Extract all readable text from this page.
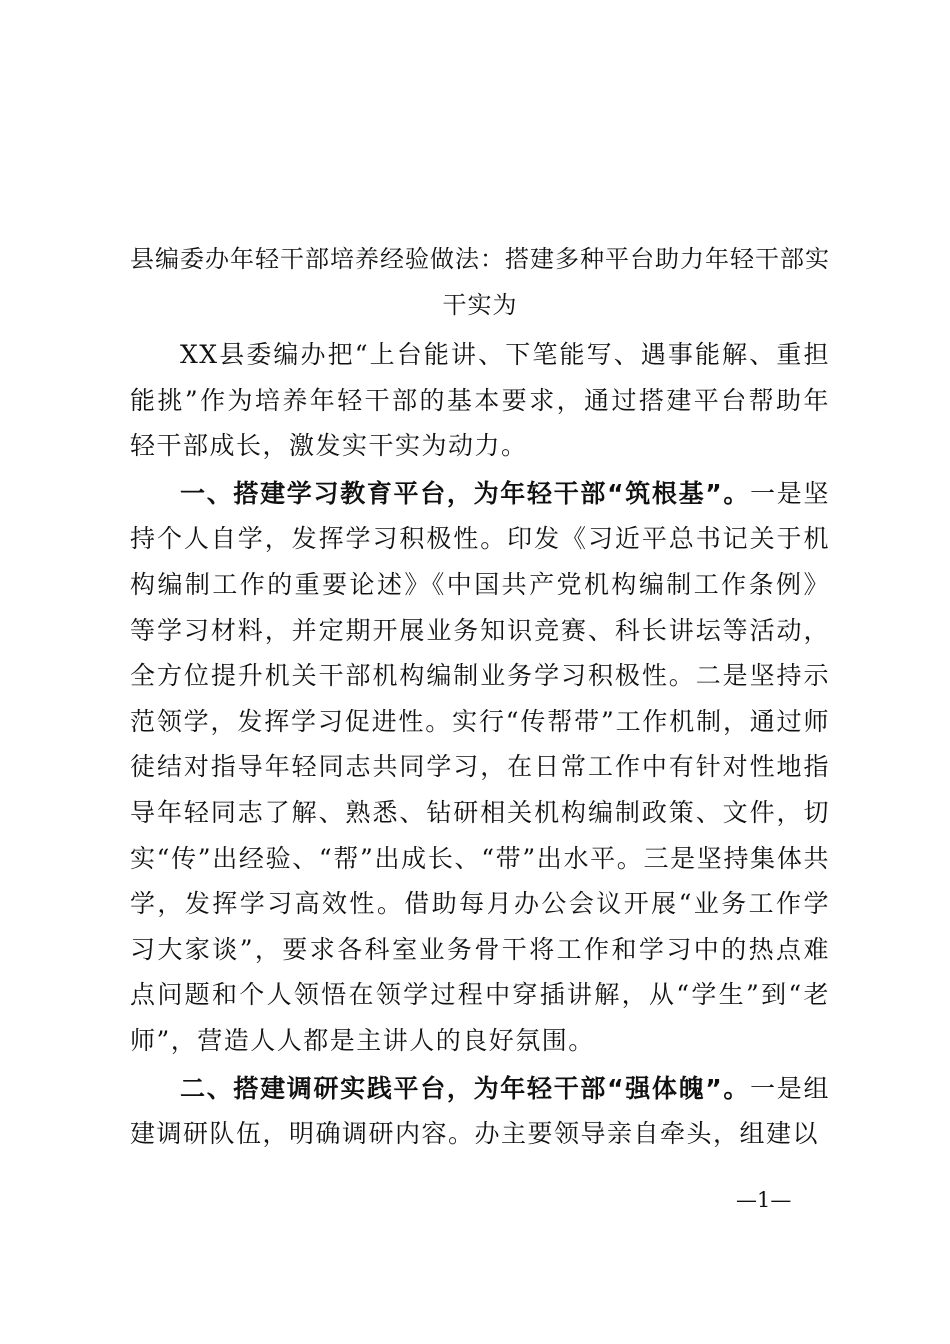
县编委办年轻干部培养经验做法：搭建多种平台助力年轻干部实干实为

XX县委编办把“上台能讲、下笔能写、遇事能解、重担能挑”作为培养年轻干部的基本要求，通过搭建平台帮助年轻干部成长，激发实干实为动力。

一、搭建学习教育平台，为年轻干部“筑根基”。一是坚持个人自学，发挥学习积极性。印发《习近平总书记关于机构编制工作的重要论述》《中国共产党机构编制工作条例》等学习材料，并定期开展业务知识竞赛、科长讲坛等活动，全方位提升机关干部机构编制业务学习积极性。二是坚持示范领学，发挥学习促进性。实行“传帮带”工作机制，通过师徒结对指导年轻同志共同学习，在日常工作中有针对性地指导年轻同志了解、熟悉、钻研相关机构编制政策、文件，切实“传”出经验、“帮”出成长、“带”出水平。三是坚持集体共学，发挥学习高效性。借助每月办公会议开展“业务工作学习大家谈”，要求各科室业务骨干将工作和学习中的热点难点问题和个人领悟在领学过程中穿插讲解，从“学生”到“老师”，营造人人都是主讲人的良好氛围。

二、搭建调研实践平台，为年轻干部“强体魄”。一是组建调研队伍，明确调研内容。办主要领导亲自牵头，组建以

—1—
